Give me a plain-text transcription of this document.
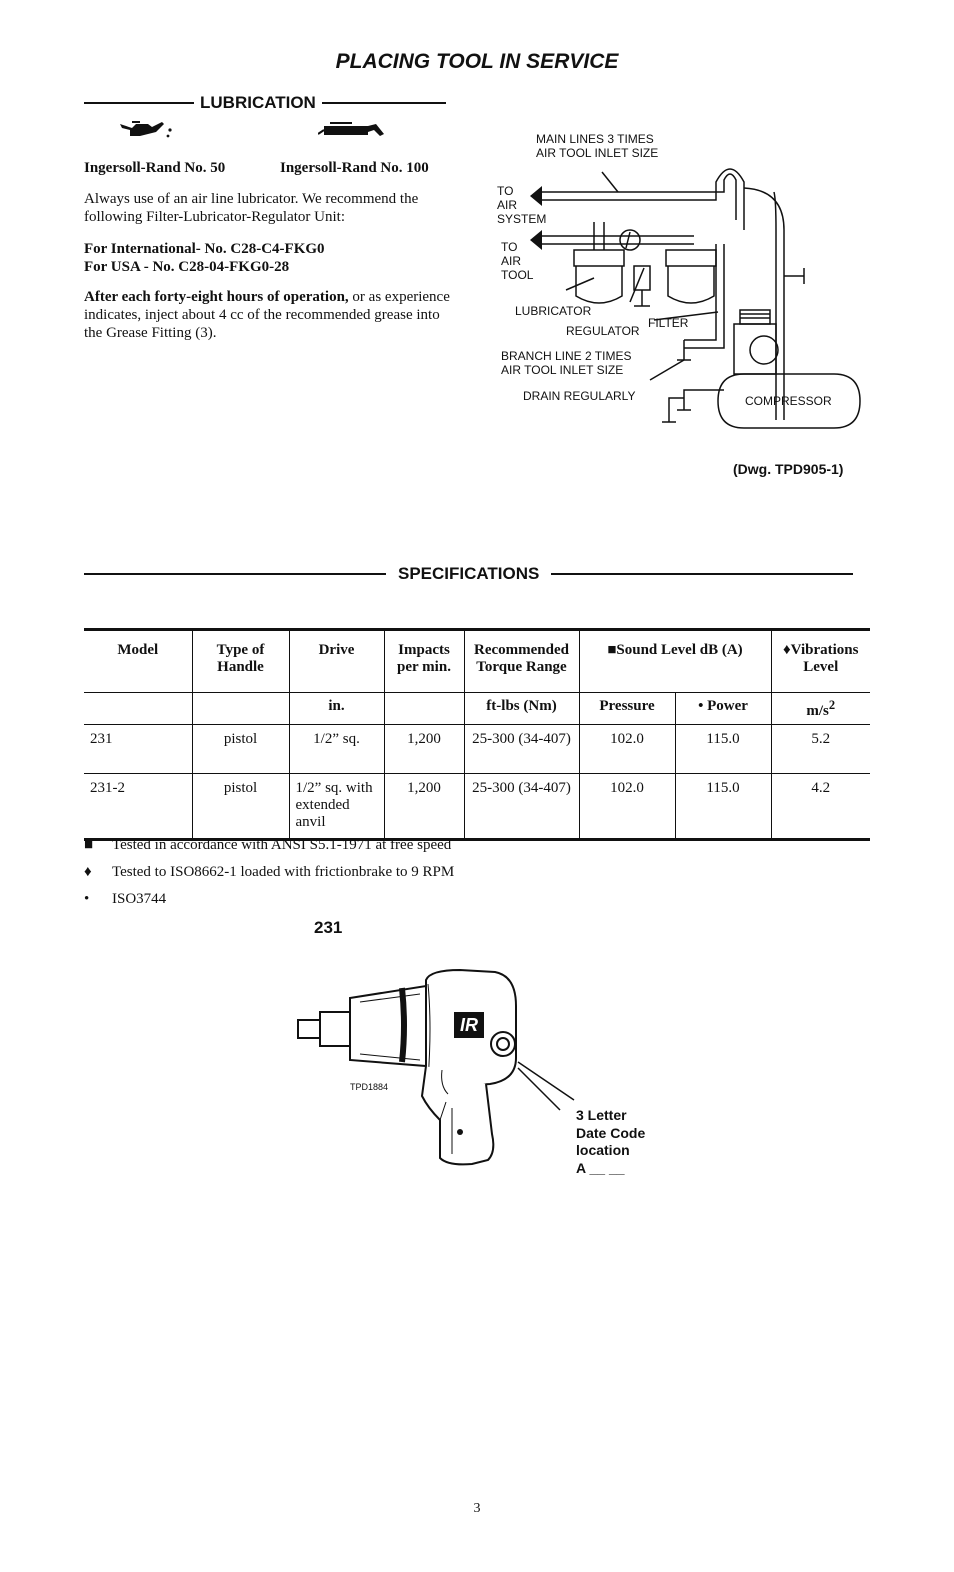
PLACING TOOL IN SERVICE
LUBRICATION
Ingersoll-Rand No. 50	Ingersoll-Rand No. 100
Always use of an air line lubricator. We recommend the following Filter-Lubricator-Regulator Unit:
For International- No. C28-C4-FKG0
For USA - No. C28-04-FKG0-28
After each forty-eight hours of operation, or as experience indicates, inject about 4 cc of the recommended grease into the Grease Fitting (3).
MAIN LINES 3 TIMES
AIR TOOL INLET SIZE
TO
AIR
SYSTEM
TO
AIR
TOOL
LUBRICATOR
FILTER
REGULATOR
BRANCH LINE 2 TIMES
AIR TOOL INLET SIZE
DRAIN REGULARLY	COMPRESSOR
(Dwg. TPD905-1)
SPECIFICATIONS
Model	Type of Handle	Drive	Impacts per min.	Recommended Torque Range	■Sound Level dB (A)		♦Vibrations Level
		in.		ft-lbs (Nm)	Pressure	• Power	$m/s^2$
231	pistol	1/2” sq.	1,200	25-300 (34-407)	102.0	115.0	5.2
231-2	pistol	1/2” sq. with extended anvil	1,200	25-300 (34-407)	102.0	115.0	4.2
■	Tested in accordance with ANSI S5.1-1971 at free speed
♦	Tested to ISO8662-1 loaded with frictionbrake to 9 RPM
•	ISO3744
231
IR
TPD1884
3 Letter
Date Code
location
A __ __
3
